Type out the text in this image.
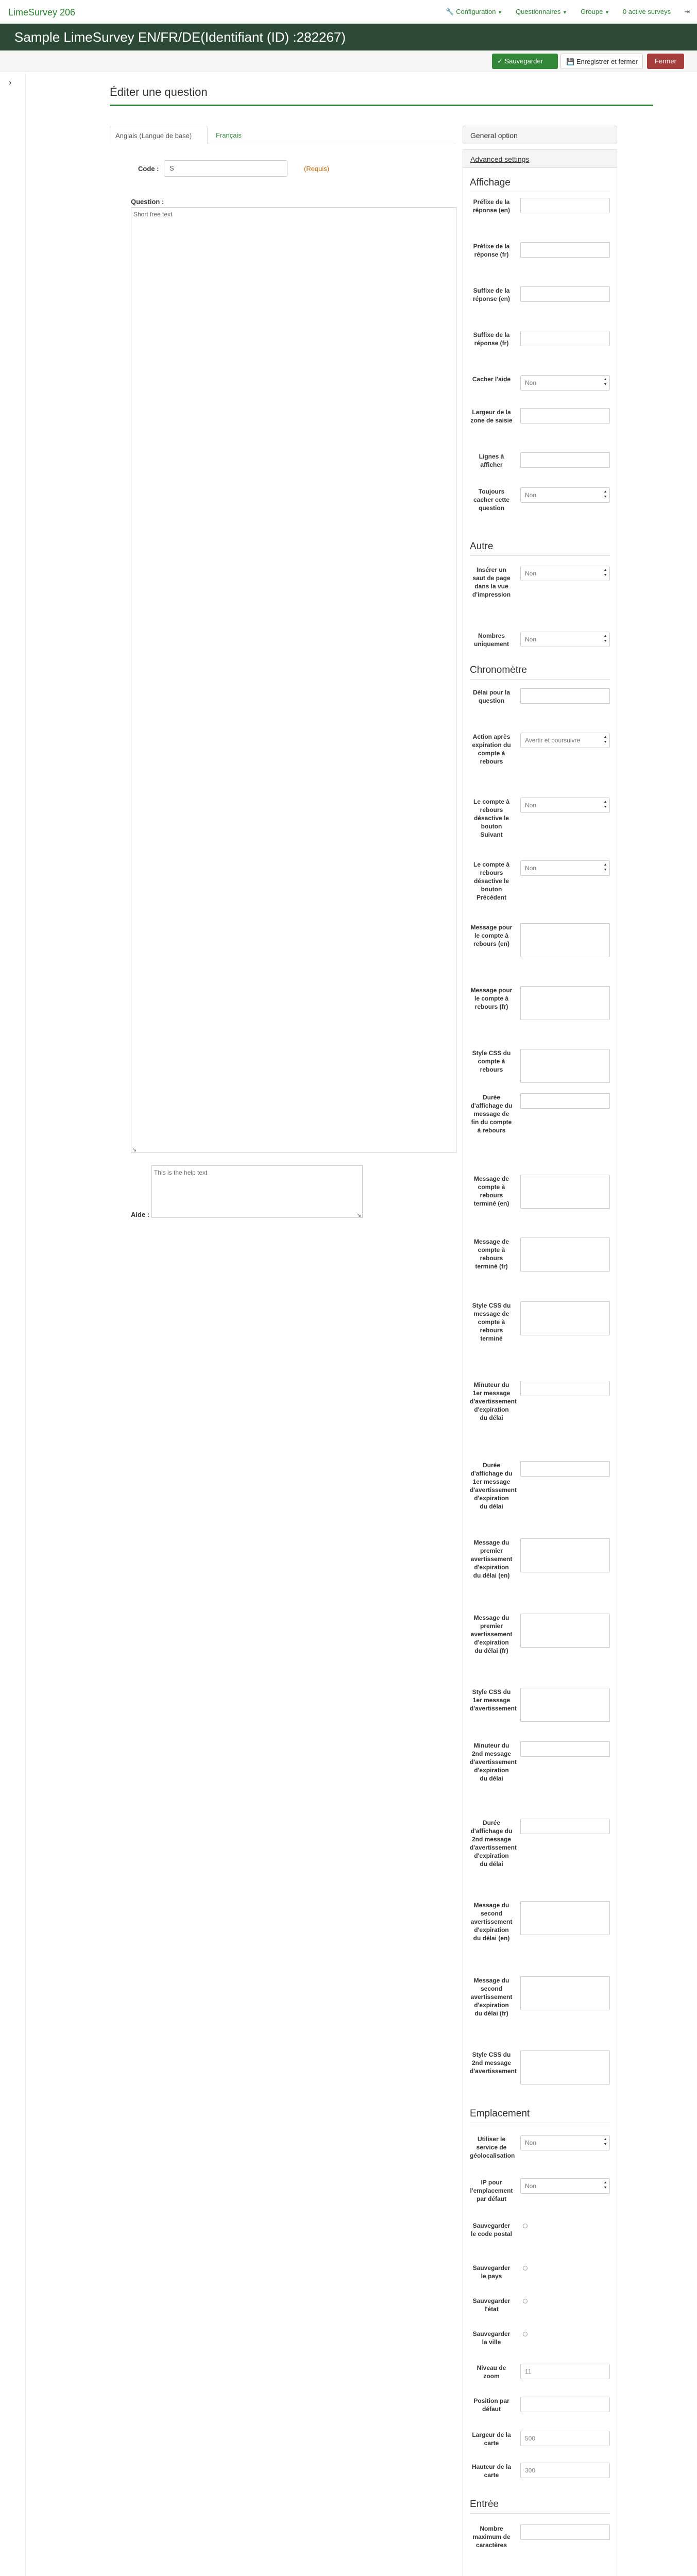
LimeSurvey 206	🔧 Configuration ▼ Questionnaires ▼ Groupe ▼ 0 active surveys ⇥
Sample LimeSurvey EN/FR/DE(Identifiant (ID) :282267)
✓ Sauvegarder	💾 Enregistrer et fermer	Fermer
›
Éditer une question
Anglais (Langue de base)	Français
Code :	S	(Requis)
Question :
Short free text
↘
Aide :
This is the help text
↘
General option
Advanced settings
Affichage
Préfixe de la réponse (en)
Préfixe de la réponse (fr)
Suffixe de la réponse (en)
Suffixe de la réponse (fr)
Cacher l'aide	Non	▲
▼
Largeur de la zone de saisie
Lignes à afficher
Toujours cacher cette question
Non	▲
▼
Autre
Insérer un saut de page dans la vue d'impression
Non	▲
▼
Nombres uniquement
Non	▲
▼
Chronomètre
Délai pour la question
Action après expiration du compte à rebours
Avertir et poursuivre	▲
▼
Le compte à rebours désactive le bouton Suivant
Non	▲
▼
Le compte à rebours désactive le bouton Précédent
Non	▲
▼
Message pour le compte à rebours (en)
Message pour le compte à rebours (fr)
Style CSS du compte à rebours
Durée d'affichage du message de fin du compte à rebours
Message de compte à rebours terminé (en)
Message de compte à rebours terminé (fr)
Style CSS du message de compte à rebours terminé
Minuteur du 1er message d'avertissement d'expiration du délai
Durée d'affichage du 1er message d'avertissement d'expiration du délai
Message du premier avertissement d'expiration du délai (en)
Message du premier avertissement d'expiration du délai (fr)
Style CSS du 1er message d'avertissement
Minuteur du 2nd message d'avertissement d'expiration du délai
Durée d'affichage du 2nd message d'avertissement d'expiration du délai
Message du second avertissement d'expiration du délai (en)
Message du second avertissement d'expiration du délai (fr)
Style CSS du 2nd message d'avertissement
Emplacement
Utiliser le service de géolocalisation
Non	▲
▼
IP pour l'emplacement par défaut
Non	▲
▼
Sauvegarder le code postal
Sauvegarder le pays
Sauvegarder l'état
Sauvegarder la ville
Niveau de zoom
11
Position par défaut
Largeur de la carte
500
Hauteur de la carte
300
Entrée
Nombre maximum de caractères
